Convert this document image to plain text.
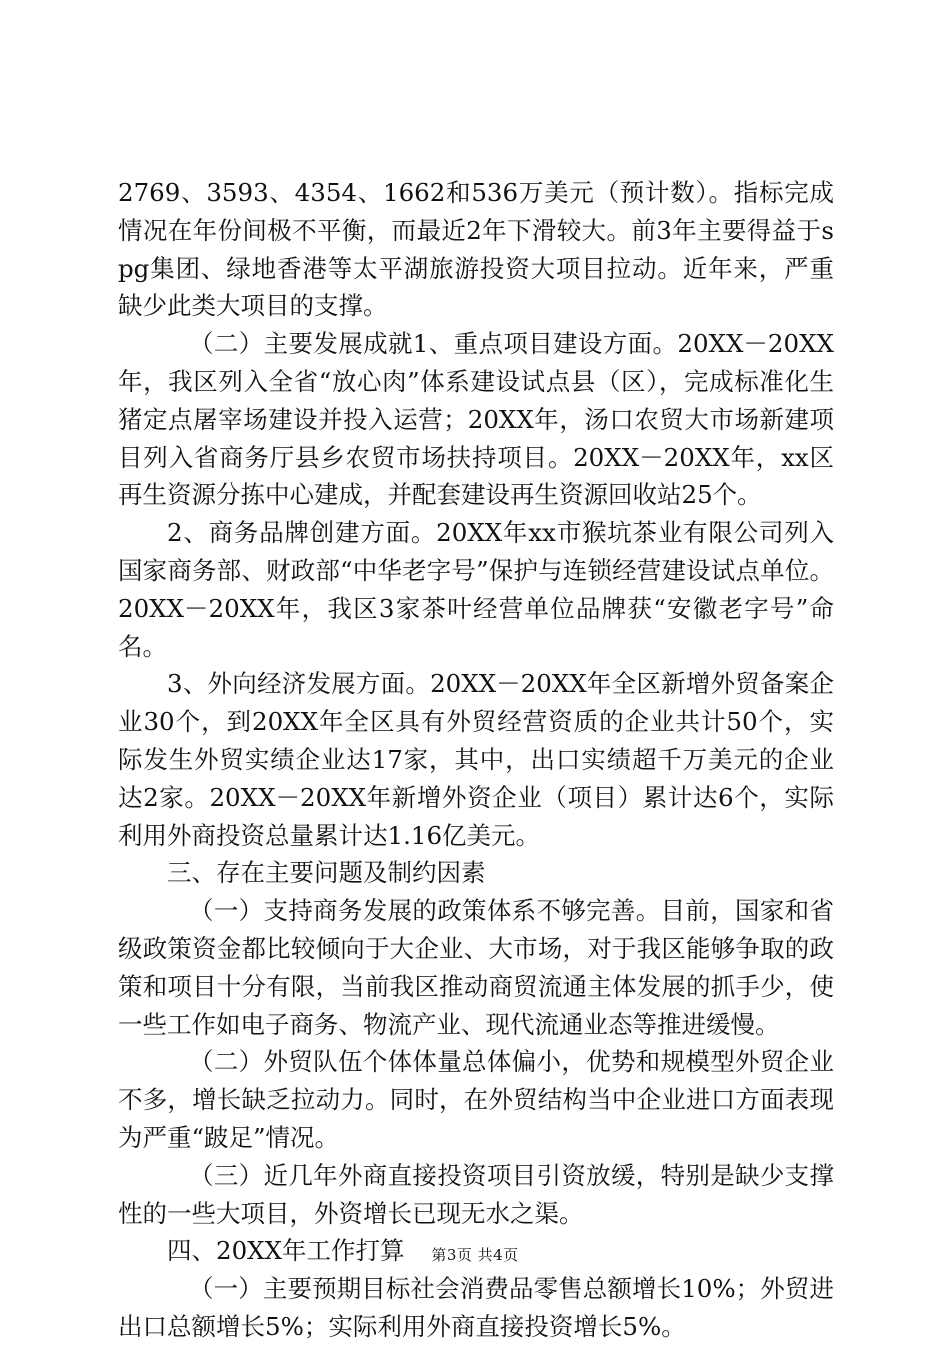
2769、3593、4354、1662和536万美元（预计数）。指标完成情况在年份间极不平衡，而最近2年下滑较大。前3年主要得益于spg集团、绿地香港等太平湖旅游投资大项目拉动。近年来，严重缺少此类大项目的支撑。

（二）主要发展成就1、重点项目建设方面。20XX－20XX年，我区列入全省“放心肉”体系建设试点县（区），完成标准化生猪定点屠宰场建设并投入运营；20XX年，汤口农贸大市场新建项目列入省商务厅县乡农贸市场扶持项目。20XX－20XX年，xx区再生资源分拣中心建成，并配套建设再生资源回收站25个。

2、商务品牌创建方面。20XX年xx市猴坑茶业有限公司列入国家商务部、财政部“中华老字号”保护与连锁经营建设试点单位。20XX－20XX年，我区3家茶叶经营单位品牌获“安徽老字号”命名。

3、外向经济发展方面。20XX－20XX年全区新增外贸备案企业30个，到20XX年全区具有外贸经营资质的企业共计50个，实际发生外贸实绩企业达17家，其中，出口实绩超千万美元的企业达2家。20XX－20XX年新增外资企业（项目）累计达6个，实际利用外商投资总量累计达1.16亿美元。

三、存在主要问题及制约因素

（一）支持商务发展的政策体系不够完善。目前，国家和省级政策资金都比较倾向于大企业、大市场，对于我区能够争取的政策和项目十分有限，当前我区推动商贸流通主体发展的抓手少，使一些工作如电子商务、物流产业、现代流通业态等推进缓慢。

（二）外贸队伍个体体量总体偏小，优势和规模型外贸企业不多，增长缺乏拉动力。同时，在外贸结构当中企业进口方面表现为严重“跛足”情况。

（三）近几年外商直接投资项目引资放缓，特别是缺少支撑性的一些大项目，外资增长已现无水之渠。

四、20XX年工作打算

（一）主要预期目标社会消费品零售总额增长10%；外贸进出口总额增长5%；实际利用外商直接投资增长5%。

第3页 共4页
